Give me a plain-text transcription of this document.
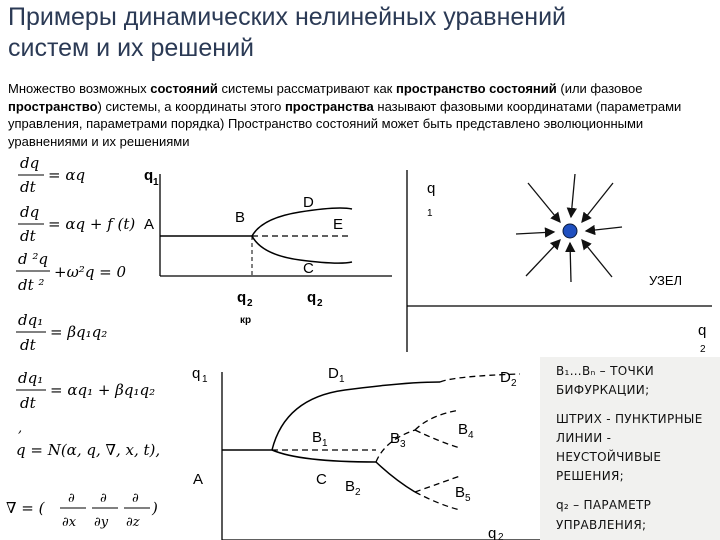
Примеры динамических нелинейных уравнений
систем и их решений
Множество возможных состояний системы рассматривают как пространство состояний (или фазовое пространство) системы, а координаты этого пространства называют фазовыми координатами (параметрами управления, параметрами порядка) Пространство состояний может быть представлено эволюционными уравнениями и их решениями
B₁…Bₙ – ТОЧКИ
БИФУРКАЦИИ;
ШТРИХ - ПУНКТИРНЫЕ
ЛИНИИ -
НЕУСТОЙЧИВЫЕ
РЕШЕНИЯ;
q₂ – ПАРАМЕТР
УПРАВЛЕНИЯ;
dq
dt
= αq
dq
dt
= αq + f (t)
d ²q
dt ²
+ω²q = 0
dq₁
dt
= βq₁q₂
dq₁
dt
= αq₁ + βq₁q₂
,
q = N(α, q, ∇, x, t),
∇ = (
∂
∂x
∂
∂y
∂
∂z
)
q 1
A	B
D
E
C
q 2
кр
q 2
q
1
УЗЕЛ
q
2
q 1
A
D 1	D 2
B 1
C B 2
B 3
B 4
B 5
q 2
